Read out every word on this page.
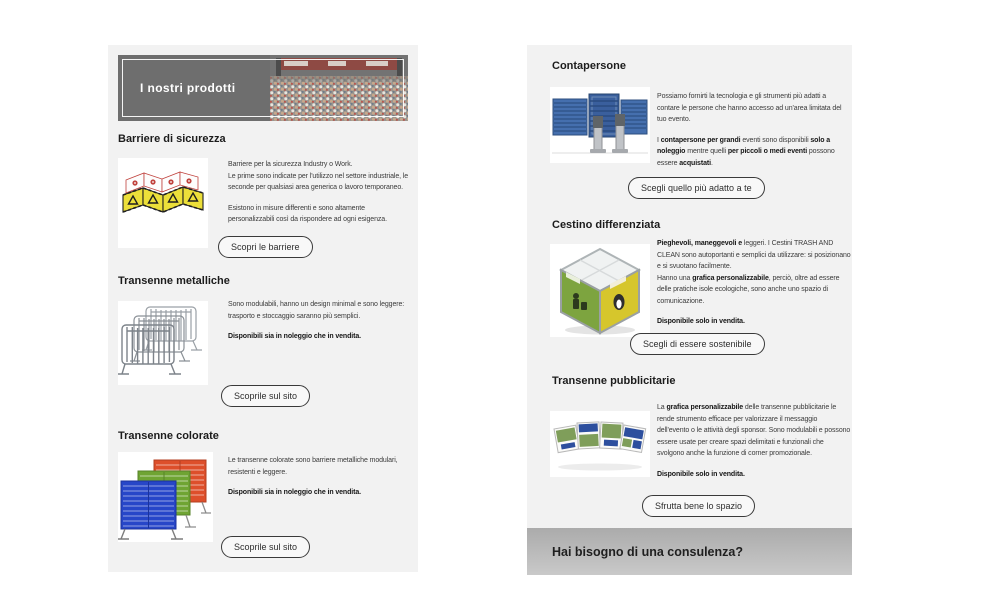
I nostri prodotti
Barriere di sicurezza
Barriere per la sicurezza Industry o Work.
Le prime sono indicate per l'utilizzo nel settore industriale, le seconde per qualsiasi area generica o lavoro temporaneo.
Esistono in misure differenti e sono altamente personalizzabili così da rispondere ad ogni esigenza.
Scopri le barriere
Transenne metalliche
Sono modulabili, hanno un design minimal e sono leggere: trasporto e stoccaggio saranno più semplici.
Disponibili sia in noleggio che in vendita.
Scoprile sul sito
Transenne colorate
Le transenne colorate sono barriere metalliche modulari, resistenti e leggere.
Disponibili sia in noleggio che in vendita.
Scoprile sul sito
Contapersone
Possiamo fornirti la tecnologia e gli strumenti più adatti a contare le persone che hanno accesso ad un'area limitata del tuo evento.
I contapersone per grandi eventi sono disponibili solo a noleggio mentre quelli per piccoli o medi eventi possono essere acquistati.
Scegli quello più adatto a te
Cestino differenziata
Pieghevoli, maneggevoli e leggeri. I Cestini TRASH AND CLEAN sono autoportanti e semplici da utilizzare: si posizionano e si svuotano facilmente.
Hanno una grafica personalizzabile, perciò, oltre ad essere delle pratiche isole ecologiche, sono anche uno spazio di comunicazione.
Disponibile solo in vendita.
Scegli di essere sostenibile
Transenne pubblicitarie
La grafica personalizzabile delle transenne pubblicitarie le rende strumento efficace per valorizzare il messaggio dell'evento o le attività degli sponsor. Sono modulabili e possono essere usate per creare spazi delimitati e funzionali che svolgono anche la funzione di corner promozionale.
Disponibile solo in vendita.
Sfrutta bene lo spazio
Hai bisogno di una consulenza?
